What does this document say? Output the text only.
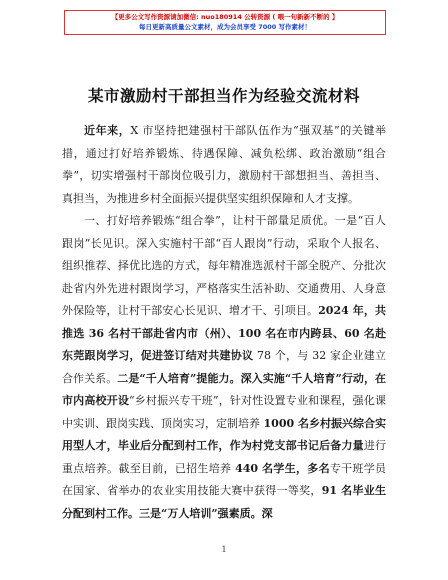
【更多公文写作资源请加微信: nuo180914 公转资源 ( 喂一句新新不断的 】
每日更新高质量公文素材，成为会员享受 7000 写作素材！
某市激励村干部担当作为经验交流材料

近年来，X 市坚持把建强村干部队伍作为“强双基”的关键举措，通过打好培养锻炼、待遇保障、减负松绑、政治激励“组合拳”，切实增强村干部岗位吸引力，激励村干部想担当、善担当、真担当，为推进乡村全面振兴提供坚实组织保障和人才支撑。

一、打好培养锻炼“组合拳”，让村干部量足质优。一是“百人跟岗”长见识。深入实施村干部“百人跟岗”行动，采取个人报名、组织推荐、择优比选的方式，每年精准选派村干部全脱产、分批次赴省内外先进村跟岗学习，严格落实生活补助、交通费用、人身意外保险等，让村干部安心长见识、增才干、引项目。2024 年，共推选 36 名村干部赴省内市（州）、100 名在市内跨县、60 名赴东莞跟岗学习，促进签订结对共建协议 78 个，与 32 家企业建立合作关系。二是“千人培育”提能力。深入实施“千人培育”行动，在市内高校开设“乡村振兴专干班”，针对性设置专业和课程，强化课中实训、跟岗实践、顶岗实习，定制培养 1000 名乡村振兴综合实用型人才，毕业后分配到村工作，作为村党支部书记后备力量进行重点培养。截至目前，已招生培养 440 名学生，多名专干班学员在国家、省举办的农业实用技能大赛中获得一等奖，91 名毕业生分配到村工作。三是“万人培训”强素质。深

1
